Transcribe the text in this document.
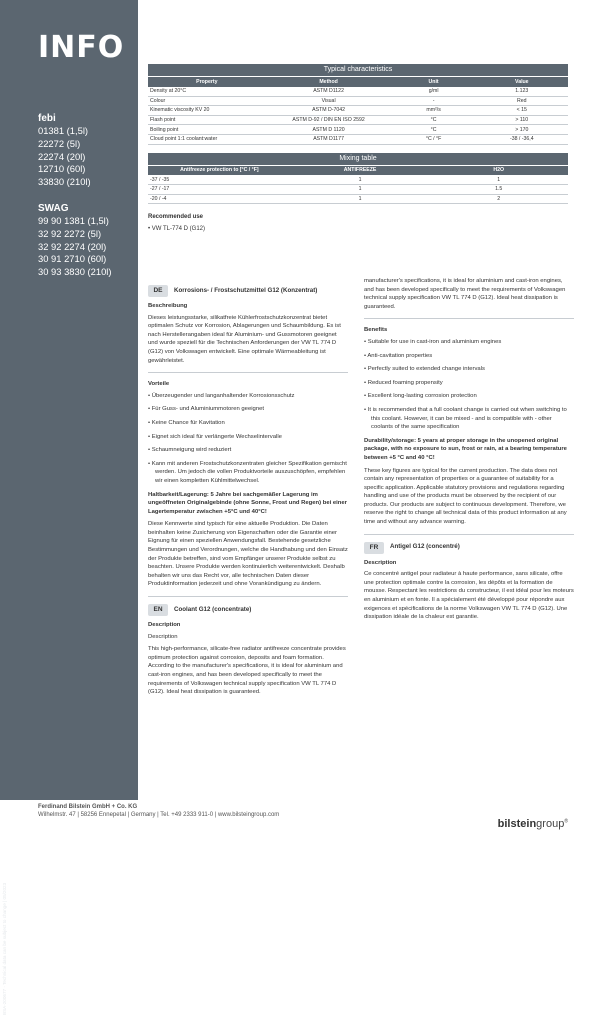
INFO
febi
01381 (1,5l)
22272 (5l)
22274 (20l)
12710 (60l)
33830 (210l)
SWAG
99 90 1381 (1,5l)
32 92 2272 (5l)
32 92 2274 (20l)
30 91 2710 (60l)
30 93 3830 (210l)
BSA-200677 · Technical data can be subject to change | 05/2023
Typical characteristics
Property	Method	Unit	Value
Density at 20°C	ASTM D1122	g/ml	1.123
Colour	Visual	-	Red
Kinematic viscosity KV 20	ASTM D-7042	mm²/s	< 15
Flash point	ASTM D-92 / DIN EN ISO 2592	°C	> 110
Boiling point	ASTM D 1120	°C	> 170
Cloud point 1:1 coolant:water	ASTM D1177	°C / °F	-38 / -36,4
Mixing table
Antifreeze protection to [°C / °F]	ANTIFREEZE	H2O
-37 / -35	1	1
-27 / -17	1	1.5
-20 / -4	1	2
Recommended use
• VW TL-774 D (G12)
DE	Korrosions- / Frostschutzmittel G12 (Konzentrat)
Beschreibung
Dieses leistungsstarke, silikatfreie Kühlerfrostschutzkonzentrat bietet optimalen Schutz vor Korrosion, Ablagerungen und Schaumbildung. Es ist nach Herstellerangaben ideal für Aluminium- und Gussmotoren geeignet und wurde speziell für die Technischen Anforderungen der VW TL 774 D (G12) von Volkswagen entwickelt. Eine optimale Wärmeableitung ist gewährleistet.
Vorteile
• Überzeugender und langanhaltender Korrosionsschutz
• Für Guss- und Aluminiummotoren geeignet
• Keine Chance für Kavitation
• Eignet sich ideal für verlängerte Wechselintervalle
• Schaumneigung wird reduziert
• Kann mit anderen Frostschutzkonzentraten gleicher Spezifikation gemischt werden. Um jedoch die vollen Produktvorteile auszuschöpfen, empfehlen wir einen kompletten Kühlmittelwechsel.
Haltbarkeit/Lagerung: 5 Jahre bei sachgemäßer Lagerung im ungeöffneten Originalgebinde (ohne Sonne, Frost und Regen) bei einer Lagertemperatur zwischen +5°C und 40°C!
Diese Kennwerte sind typisch für eine aktuelle Produktion. Die Daten beinhalten keine Zusicherung von Eigenschaften oder die Garantie einer Eignung für einen speziellen Anwendungsfall. Bestehende gesetzliche Bestimmungen und Verordnungen, welche die Handhabung und den Einsatz der Produkte betreffen, sind vom Empfänger unserer Produkte selbst zu beachten. Unsere Produkte werden kontinuierlich weiterentwickelt. Deshalb behalten wir uns das Recht vor, alle technischen Daten dieser Produktinformation jederzeit und ohne Vorankündigung zu ändern.
EN	Coolant G12 (concentrate)
Description
Description
This high-performance, silicate-free radiator antifreeze concentrate provides optimum protection against corrosion, deposits and foam formation. According to the manufacturer's specifications, it is ideal for aluminium and cast-iron engines, and has been developed specifically to meet the requirements of Volkswagen technical supply specification VW TL 774 D (G12). Ideal heat dissipation is guaranteed.
manufacturer's specifications, it is ideal for aluminium and cast-iron engines, and has been developed specifically to meet the requirements of Volkswagen technical supply specification VW TL 774 D (G12). Ideal heat dissipation is guaranteed.
Benefits
• Suitable for use in cast-iron and aluminium engines
• Anti-cavitation properties
• Perfectly suited to extended change intervals
• Reduced foaming propensity
• Excellent long-lasting corrosion protection
• It is recommended that a full coolant change is carried out when switching to this coolant. However, it can be mixed - and is compatible with - other coolants of the same specification
Durability/storage: 5 years at proper storage in the unopened original package, with no exposure to sun, frost or rain, at a bearing temperature between +5 °C and 40 °C!
These key figures are typical for the current production. The data does not contain any representation of properties or a guarantee of suitability for a specific application. Applicable statutory provisions and regulations regarding handling and use of the products must be observed by the recipient of our products. Our products are subject to continuous development. Therefore, we reserve the right to change all technical data of this product information at any time and without any advance warning.
FR	Antigel G12 (concentré)
Description
Ce concentré antigel pour radiateur à haute performance, sans silicate, offre une protection optimale contre la corrosion, les dépôts et la formation de mousse. Respectant les restrictions du constructeur, il est idéal pour les moteurs en aluminium et en fonte. Il a spécialement été développé pour répondre aux exigences et spécifications de la norme Volkswagen VW TL 774 D (G12). Une dissipation idéale de la chaleur est garantie.
Ferdinand Bilstein GmbH + Co. KG
Wilhelmstr. 47 | 58256 Ennepetal | Germany | Tel. +49 2333 911-0 | www.bilsteingroup.com
bilsteingroup®
